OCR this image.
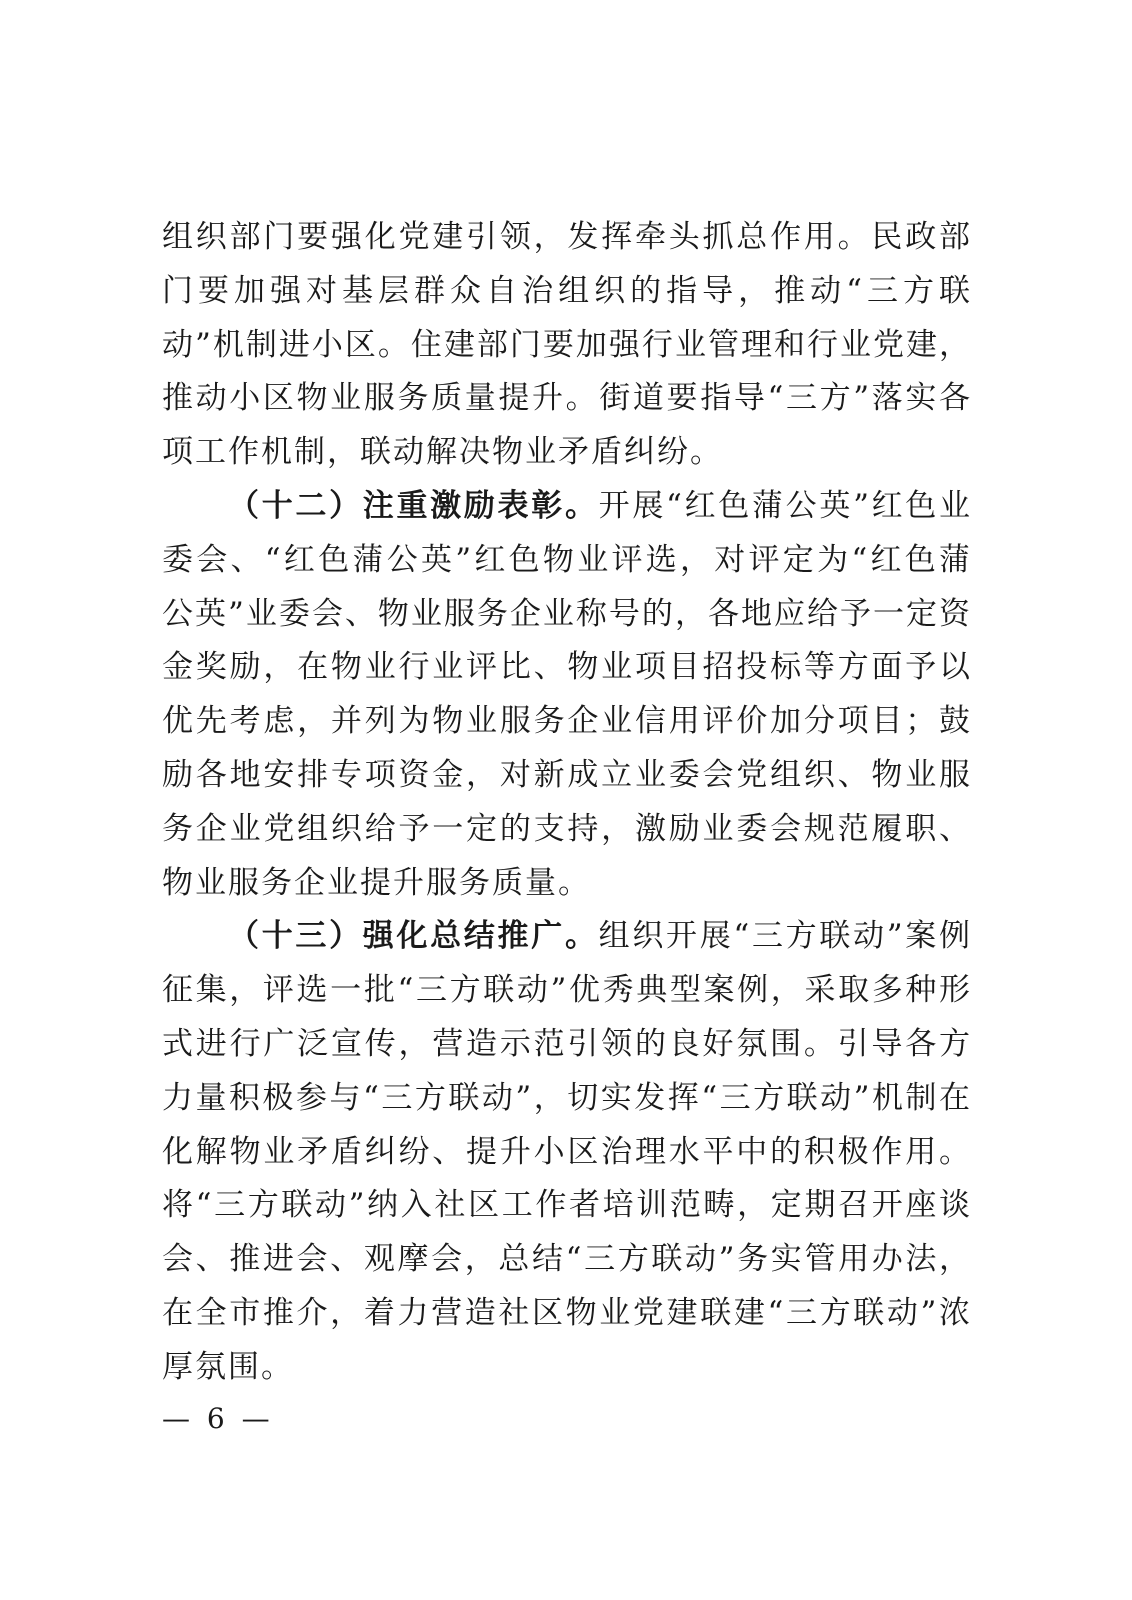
组织部门要强化党建引领，发挥牵头抓总作用。民政部门要加强对基层群众自治组织的指导，推动“三方联动”机制进小区。住建部门要加强行业管理和行业党建，推动小区物业服务质量提升。街道要指导“三方”落实各项工作机制，联动解决物业矛盾纠纷。

（十二）注重激励表彰。开展“红色蒲公英”红色业委会、“红色蒲公英”红色物业评选，对评定为“红色蒲公英”业委会、物业服务企业称号的，各地应给予一定资金奖励，在物业行业评比、物业项目招投标等方面予以优先考虑，并列为物业服务企业信用评价加分项目；鼓励各地安排专项资金，对新成立业委会党组织、物业服务企业党组织给予一定的支持，激励业委会规范履职、物业服务企业提升服务质量。

（十三）强化总结推广。组织开展“三方联动”案例征集，评选一批“三方联动”优秀典型案例，采取多种形式进行广泛宣传，营造示范引领的良好氛围。引导各方力量积极参与“三方联动”，切实发挥“三方联动”机制在化解物业矛盾纠纷、提升小区治理水平中的积极作用。将“三方联动”纳入社区工作者培训范畴，定期召开座谈会、推进会、观摩会，总结“三方联动”务实管用办法，在全市推介，着力营造社区物业党建联建“三方联动”浓厚氛围。

— 6 —
